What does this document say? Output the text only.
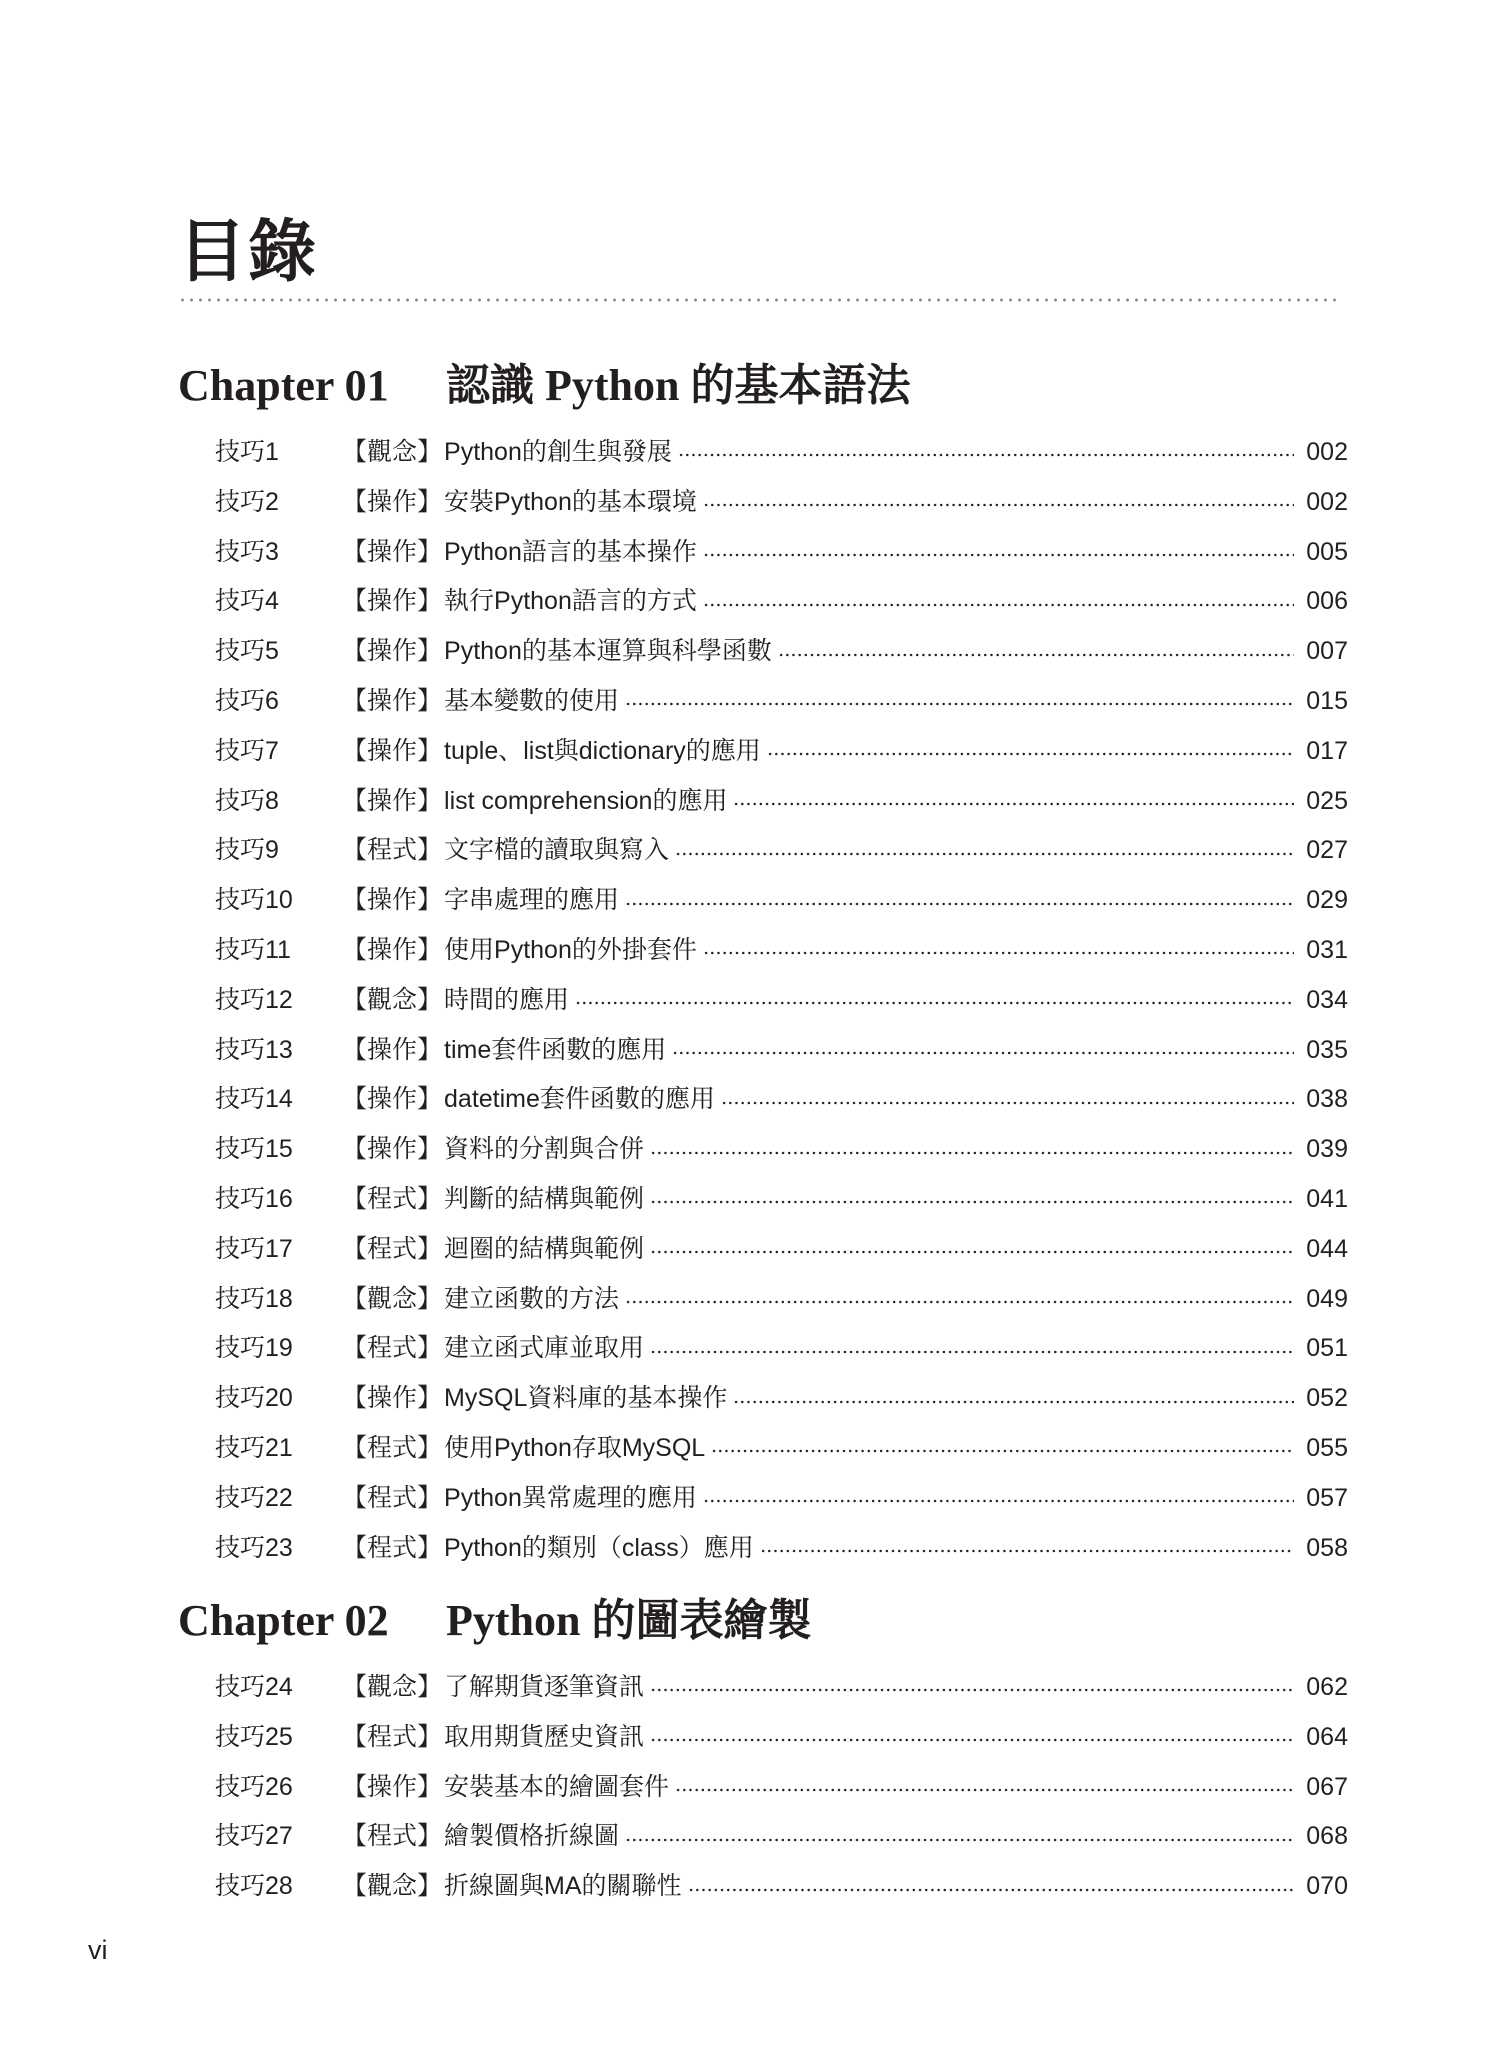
目錄
Chapter 01 認識 Python 的基本語法
技巧1	【觀念】 Python的創生與發展	002
技巧2	【操作】 安裝Python的基本環境	002
技巧3	【操作】 Python語言的基本操作	005
技巧4	【操作】 執行Python語言的方式	006
技巧5	【操作】 Python的基本運算與科學函數	007
技巧6	【操作】 基本變數的使用	015
技巧7	【操作】 tuple、list與dictionary的應用	017
技巧8	【操作】 list comprehension的應用	025
技巧9	【程式】 文字檔的讀取與寫入	027
技巧10	【操作】 字串處理的應用	029
技巧11	【操作】 使用Python的外掛套件	031
技巧12	【觀念】 時間的應用	034
技巧13	【操作】 time套件函數的應用	035
技巧14	【操作】 datetime套件函數的應用	038
技巧15	【操作】 資料的分割與合併	039
技巧16	【程式】 判斷的結構與範例	041
技巧17	【程式】 迴圈的結構與範例	044
技巧18	【觀念】 建立函數的方法	049
技巧19	【程式】 建立函式庫並取用	051
技巧20	【操作】 MySQL資料庫的基本操作	052
技巧21	【程式】 使用Python存取MySQL	055
技巧22	【程式】 Python異常處理的應用	057
技巧23	【程式】 Python的類別（class）應用	058
Chapter 02 Python 的圖表繪製
技巧24	【觀念】 了解期貨逐筆資訊	062
技巧25	【程式】 取用期貨歷史資訊	064
技巧26	【操作】 安裝基本的繪圖套件	067
技巧27	【程式】 繪製價格折線圖	068
技巧28	【觀念】 折線圖與MA的關聯性	070
vi
